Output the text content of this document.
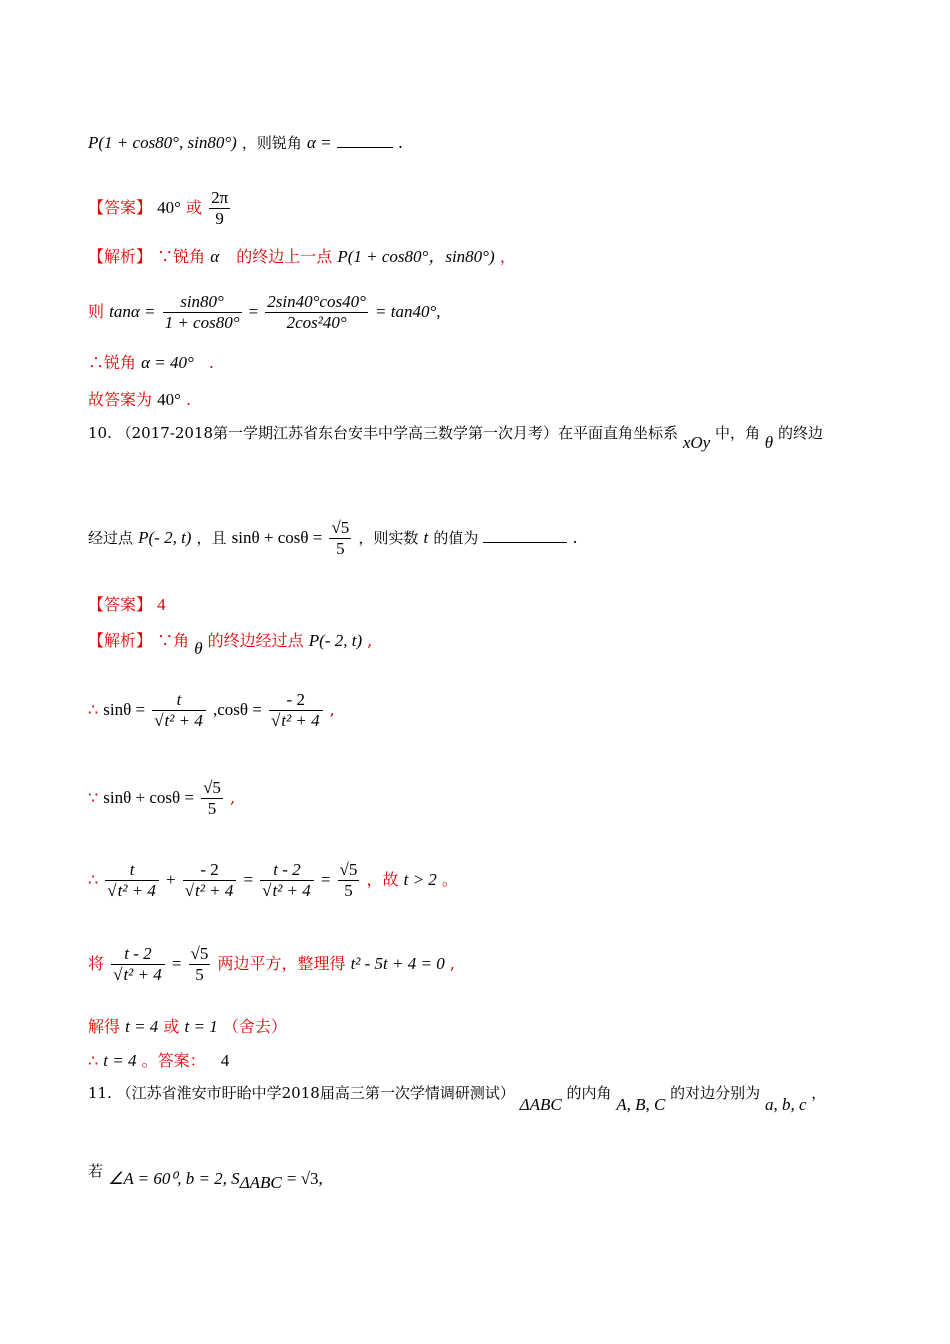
P(1 + cos80°, sin80°) ，则锐角 α =	.
【答案】 40° 或 $\frac{2\pi}{9}$
【解析】 ∵锐角 α 的终边上一点 P(1 + cos80°，sin80°) ，
则 $\tan\alpha = \frac{\sin 80^\circ}{1 + \cos 80^\circ} = \frac{2\sin 40^\circ\cos 40^\circ}{\text{2cos²40°}} = \tan 40^\circ$,
∴锐角 α = 40° .
故答案为 40° .
10. （2017-2018第一学期江苏省东台安丰中学高三数学第一次月考）在平面直角坐标系 xOy 中，角 θ 的终边
经过点 P(- 2, t) ，且 $\sin\theta + \cos\theta = \frac{√5}{5}$ ，则实数 t 的值为	.
【答案】 4
【解析】 ∵角 θ 的终边经过点 P(- 2, t) ,
∴ $\sin\theta = \frac{t}{\text{√t² + 4}} ,\cos\theta = \frac{- 2}{\text{√t² + 4}}$ ,
∵ $\sin\theta + \cos\theta = \frac{√5}{5}$ ,
∴ $\frac{t}{\text{√t² + 4}} + \frac{- 2}{\text{√t² + 4}} = \frac{t - 2}{\text{√t² + 4}} = \frac{√5}{5}$ ，故 t > 2 。
将 $\frac{t - 2}{\text{√t² + 4}} = \frac{√5}{5}$ 两边平方，整理得 t² - 5t + 4 = 0 ,
解得 t = 4 或 t = 1 （舍去）
∴ t = 4 。答案： 4
11. （江苏省淮安市盱眙中学2018届高三第一次学情调研测试） ΔABC 的内角 A, B, C 的对边分别为 a, b, c ，
若 ∠A = 60⁰, b = 2, $S_{\Delta ABC} = √3$,
